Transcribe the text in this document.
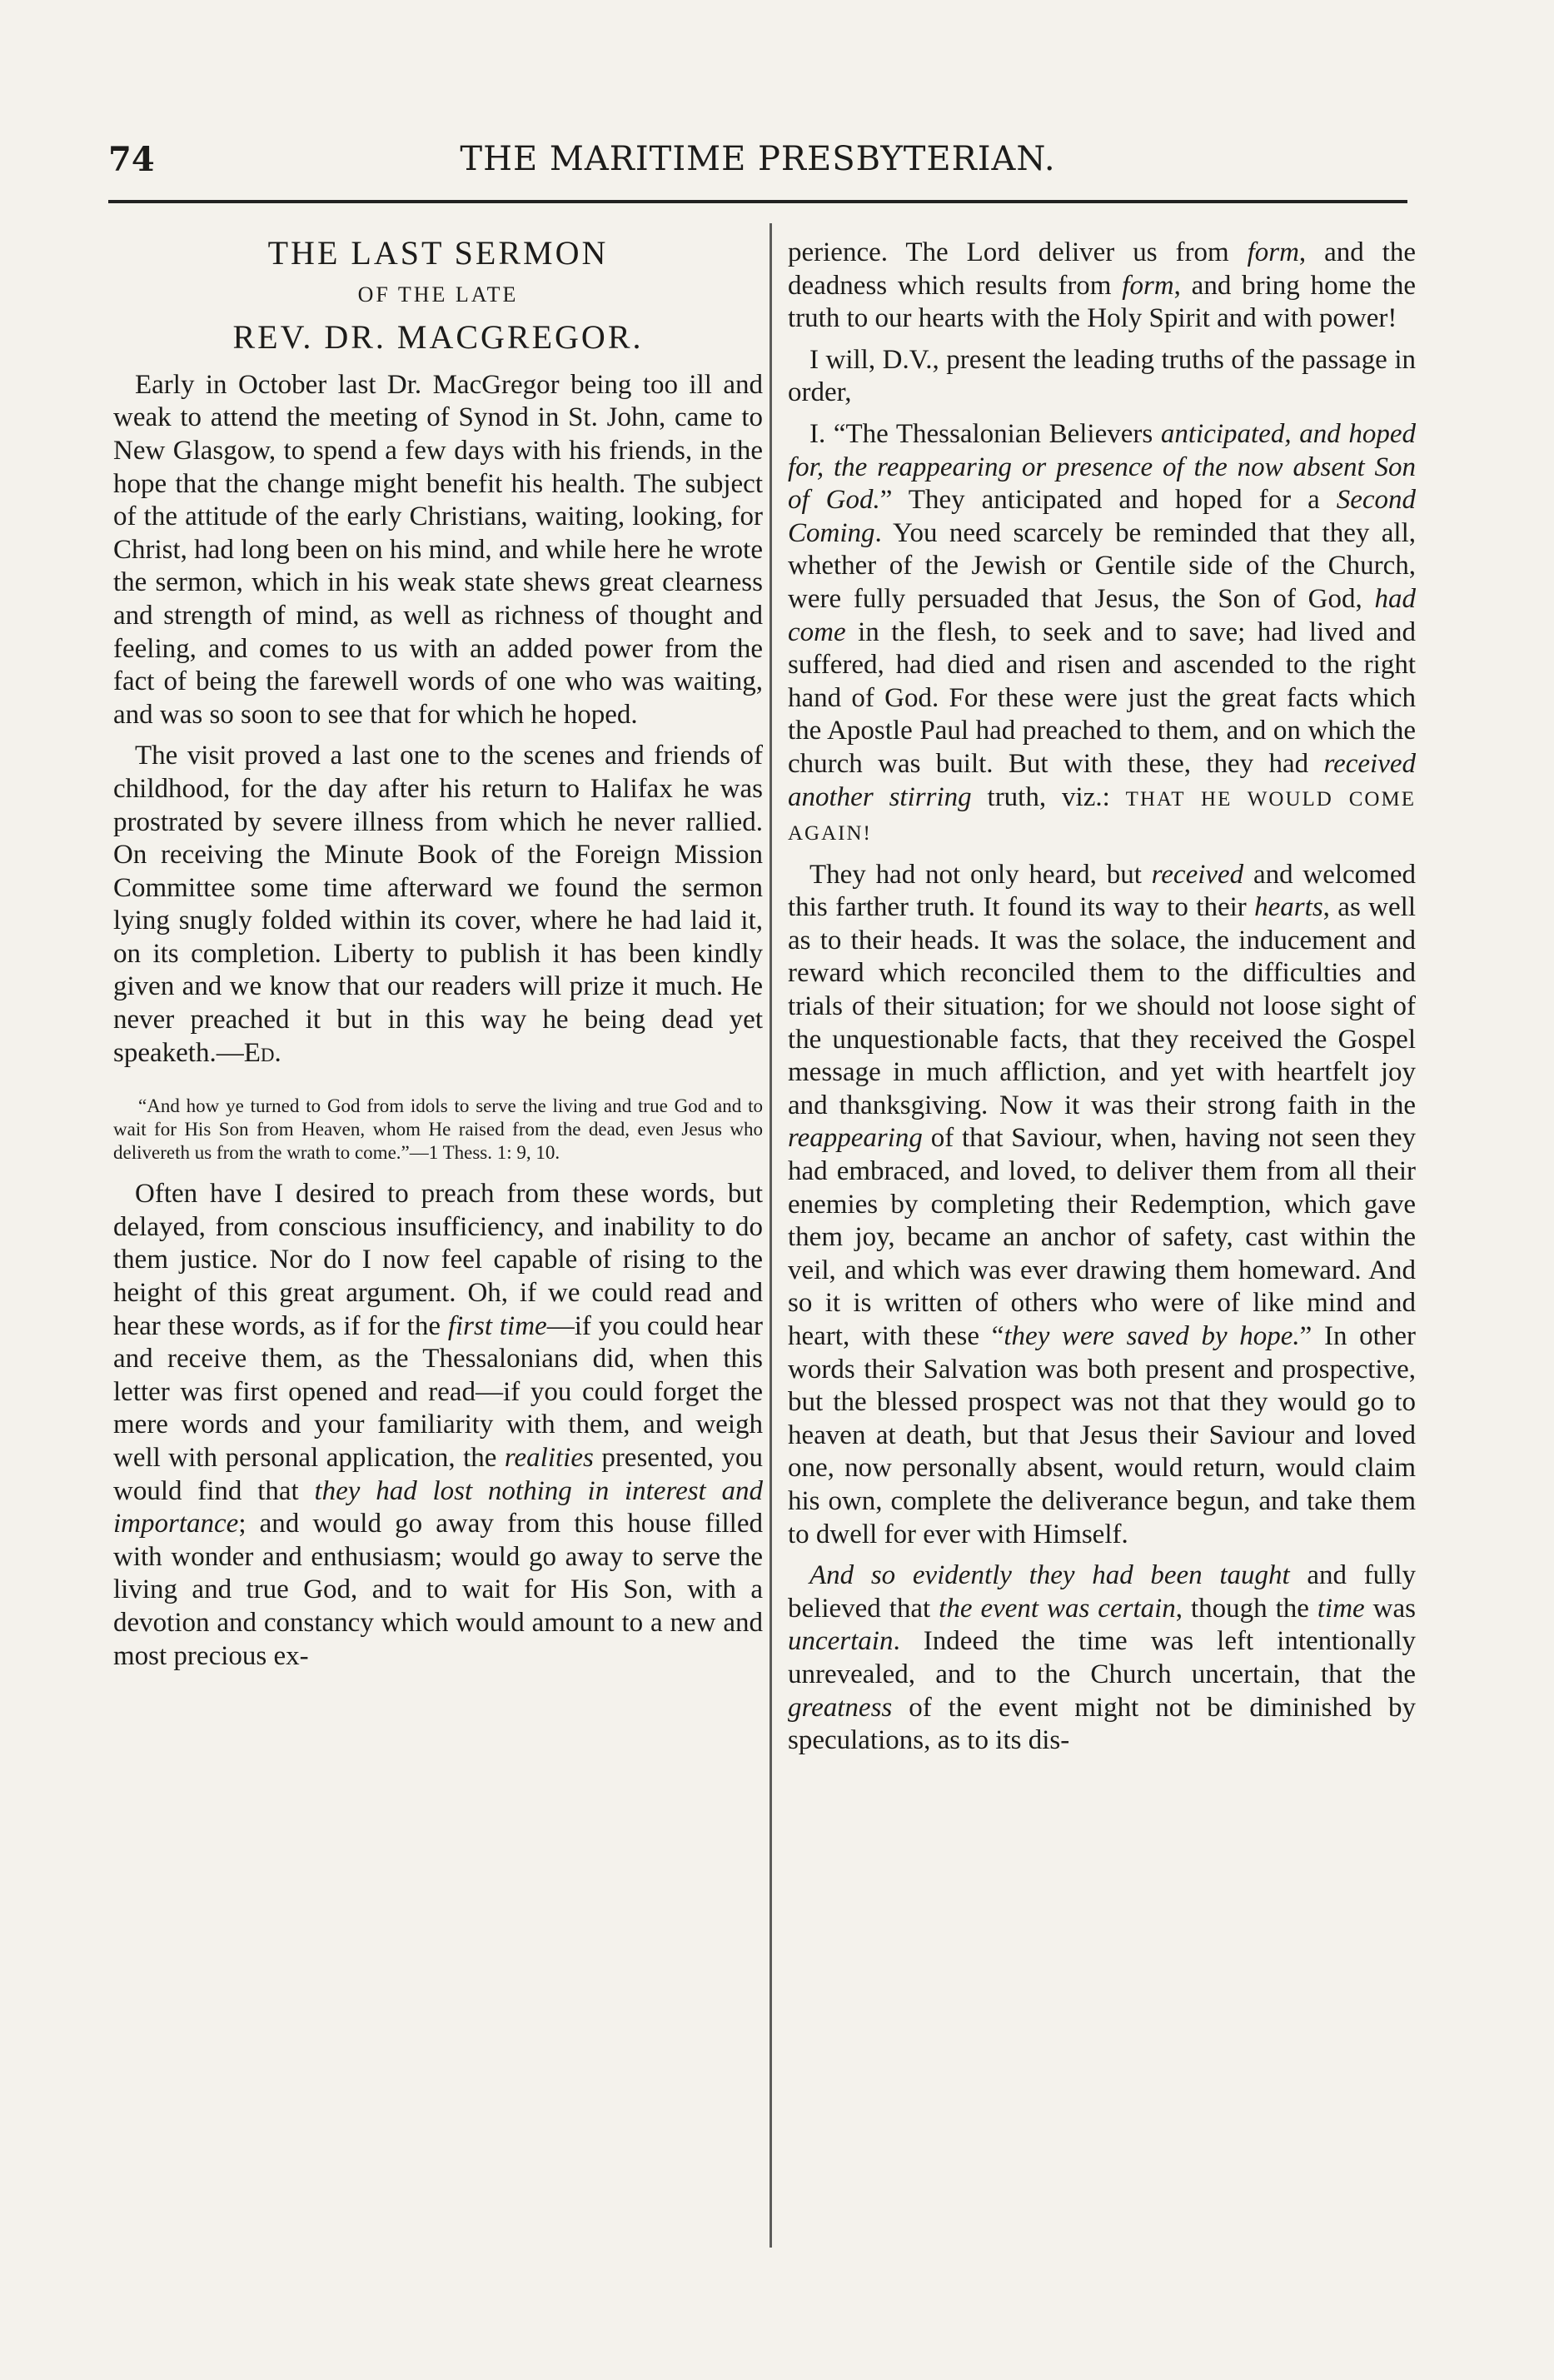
74	THE MARITIME PRESBYTERIAN.
THE LAST SERMON
OF THE LATE
REV. DR. MACGREGOR.

Early in October last Dr. MacGregor being too ill and weak to attend the meeting of Synod in St. John, came to New Glasgow, to spend a few days with his friends, in the hope that the change might benefit his health. The subject of the attitude of the early Christians, waiting, looking, for Christ, had long been on his mind, and while here he wrote the sermon, which in his weak state shews great clearness and strength of mind, as well as richness of thought and feeling, and comes to us with an added power from the fact of being the farewell words of one who was waiting, and was so soon to see that for which he hoped.

The visit proved a last one to the scenes and friends of childhood, for the day after his return to Halifax he was prostrated by severe illness from which he never rallied. On receiving the Minute Book of the Foreign Mission Committee some time afterward we found the sermon lying snugly folded within its cover, where he had laid it, on its completion. Liberty to publish it has been kindly given and we know that our readers will prize it much. He never preached it but in this way he being dead yet speaketh.—Ed.

“And how ye turned to God from idols to serve the living and true God and to wait for His Son from Heaven, whom He raised from the dead, even Jesus who delivereth us from the wrath to come.”—1 Thess. 1: 9, 10.

Often have I desired to preach from these words, but delayed, from conscious insufficiency, and inability to do them justice. Nor do I now feel capable of rising to the height of this great argument. Oh, if we could read and hear these words, as if for the first time—if you could hear and receive them, as the Thessalonians did, when this letter was first opened and read—if you could forget the mere words and your familiarity with them, and weigh well with personal application, the realities presented, you would find that they had lost nothing in interest and importance; and would go away from this house filled with wonder and enthusiasm; would go away to serve the living and true God, and to wait for His Son, with a devotion and constancy which would amount to a new and most precious ex-

perience. The Lord deliver us from form, and the deadness which results from form, and bring home the truth to our hearts with the Holy Spirit and with power!

I will, D.V., present the leading truths of the passage in order,

I. “The Thessalonian Believers anticipated, and hoped for, the reappearing or presence of the now absent Son of God.” They anticipated and hoped for a Second Coming. You need scarcely be reminded that they all, whether of the Jewish or Gentile side of the Church, were fully persuaded that Jesus, the Son of God, had come in the flesh, to seek and to save; had lived and suffered, had died and risen and ascended to the right hand of God. For these were just the great facts which the Apostle Paul had preached to them, and on which the church was built. But with these, they had received another stirring truth, viz.: THAT HE WOULD COME AGAIN!

They had not only heard, but received and welcomed this farther truth. It found its way to their hearts, as well as to their heads. It was the solace, the inducement and reward which reconciled them to the difficulties and trials of their situation; for we should not loose sight of the unquestionable facts, that they received the Gospel message in much affliction, and yet with heartfelt joy and thanksgiving. Now it was their strong faith in the reappearing of that Saviour, when, having not seen they had embraced, and loved, to deliver them from all their enemies by completing their Redemption, which gave them joy, became an anchor of safety, cast within the veil, and which was ever drawing them homeward. And so it is written of others who were of like mind and heart, with these “they were saved by hope.” In other words their Salvation was both present and prospective, but the blessed prospect was not that they would go to heaven at death, but that Jesus their Saviour and loved one, now personally absent, would return, would claim his own, complete the deliverance begun, and take them to dwell for ever with Himself.

And so evidently they had been taught and fully believed that the event was certain, though the time was uncertain. Indeed the time was left intentionally unrevealed, and to the Church uncertain, that the greatness of the event might not be diminished by speculations, as to its dis-
